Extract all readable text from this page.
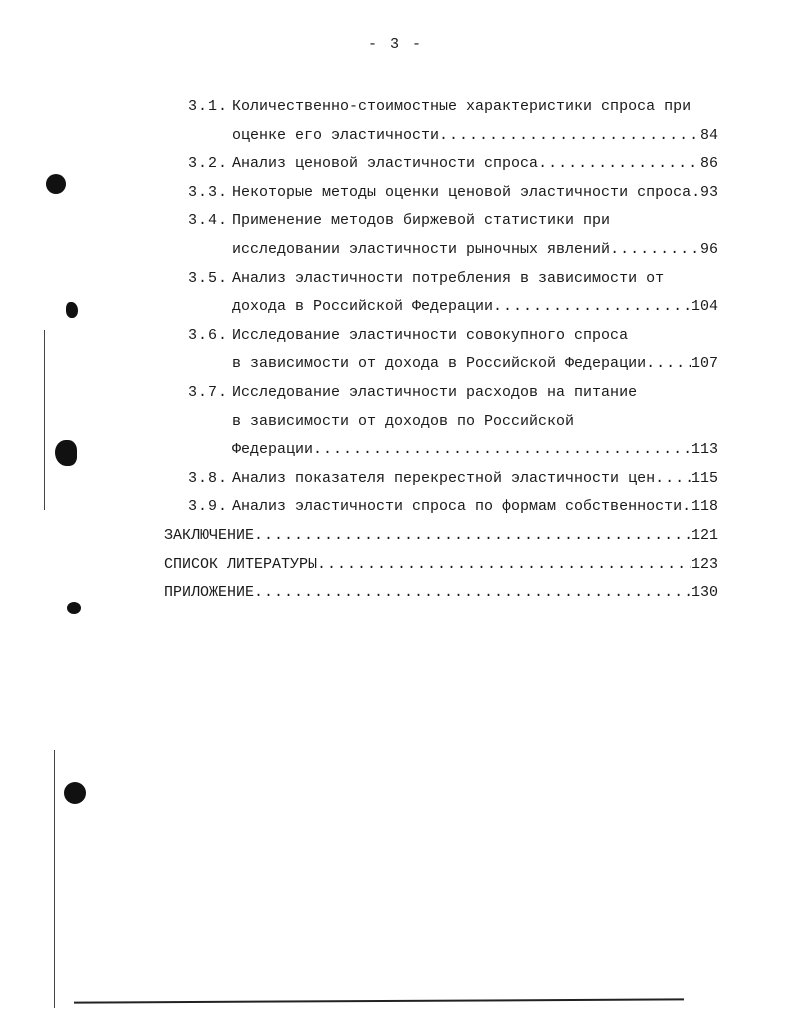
- 3 -
3.1. Количественно-стоимостные характеристики спроса при
оценке его эластичности .....	84
3.2. Анализ ценовой эластичности спроса .....	86
3.3. Некоторые методы оценки ценовой эластичности спроса ..... 93
3.4. Применение методов биржевой статистики при
исследовании эластичности рыночных явлений .....	96
3.5. Анализ эластичности потребления в зависимости от
дохода в Российской Федерации .....	104
3.6. Исследование эластичности совокупного спроса
в зависимости от дохода в Российской Федерации .....	107
3.7. Исследование эластичности расходов на питание
в зависимости от доходов по Российской
Федерации .....	113
3.8. Анализ показателя перекрестной эластичности цен ..... 115
3.9. Анализ эластичности спроса по формам собственности ..... 118
ЗАКЛЮЧЕНИЕ .....	121
СПИСОК ЛИТЕРАТУРЫ .....	123
ПРИЛОЖЕНИЕ .....	130
